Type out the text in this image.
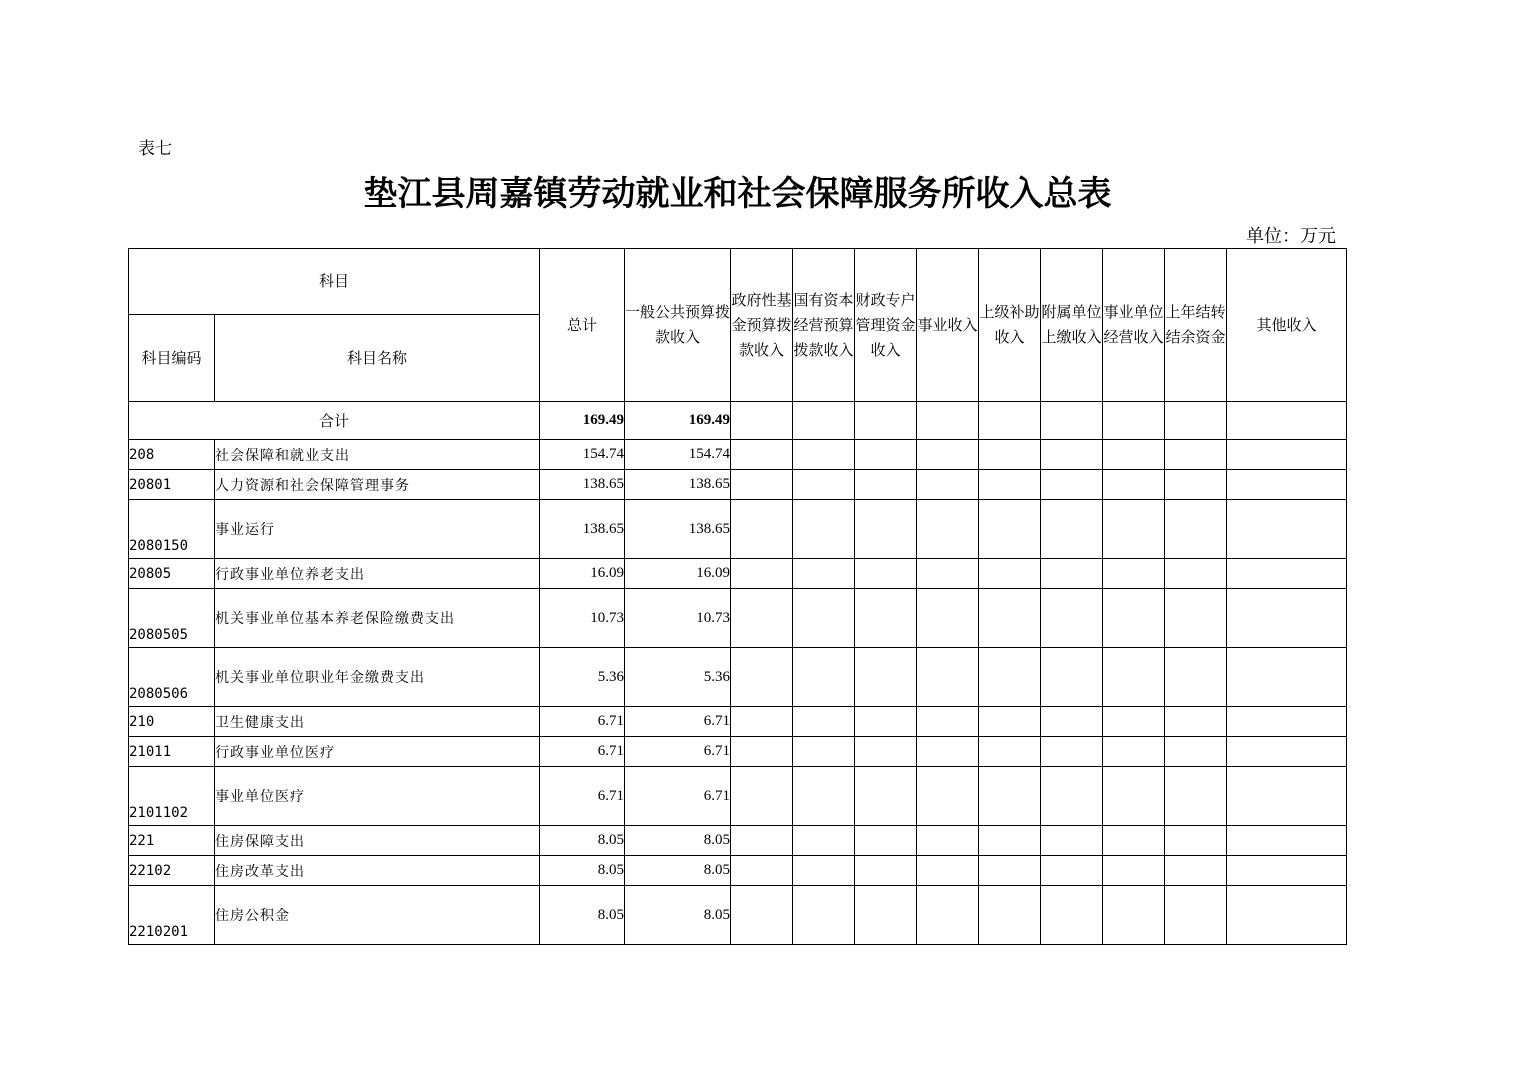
表七
垫江县周嘉镇劳动就业和社会保障服务所收入总表
单位：万元
科目		总计	一般公共预算拨款收入	政府性基金预算拨款收入	国有资本经营预算拨款收入	财政专户管理资金收入	事业收入	上级补助收入	附属单位上缴收入	事业单位经营收入	上年结转结余资金	其他收入
科目编码	科目名称											
合计		169.49	169.49									
208	社会保障和就业支出	154.74	154.74									
20801	人力资源和社会保障管理事务	138.65	138.65									
2080150	事业运行	138.65	138.65									
20805	行政事业单位养老支出	16.09	16.09									
2080505	机关事业单位基本养老保险缴费支出	10.73	10.73									
2080506	机关事业单位职业年金缴费支出	5.36	5.36									
210	卫生健康支出	6.71	6.71									
21011	行政事业单位医疗	6.71	6.71									
2101102	事业单位医疗	6.71	6.71									
221	住房保障支出	8.05	8.05									
22102	住房改革支出	8.05	8.05									
2210201	住房公积金	8.05	8.05									
